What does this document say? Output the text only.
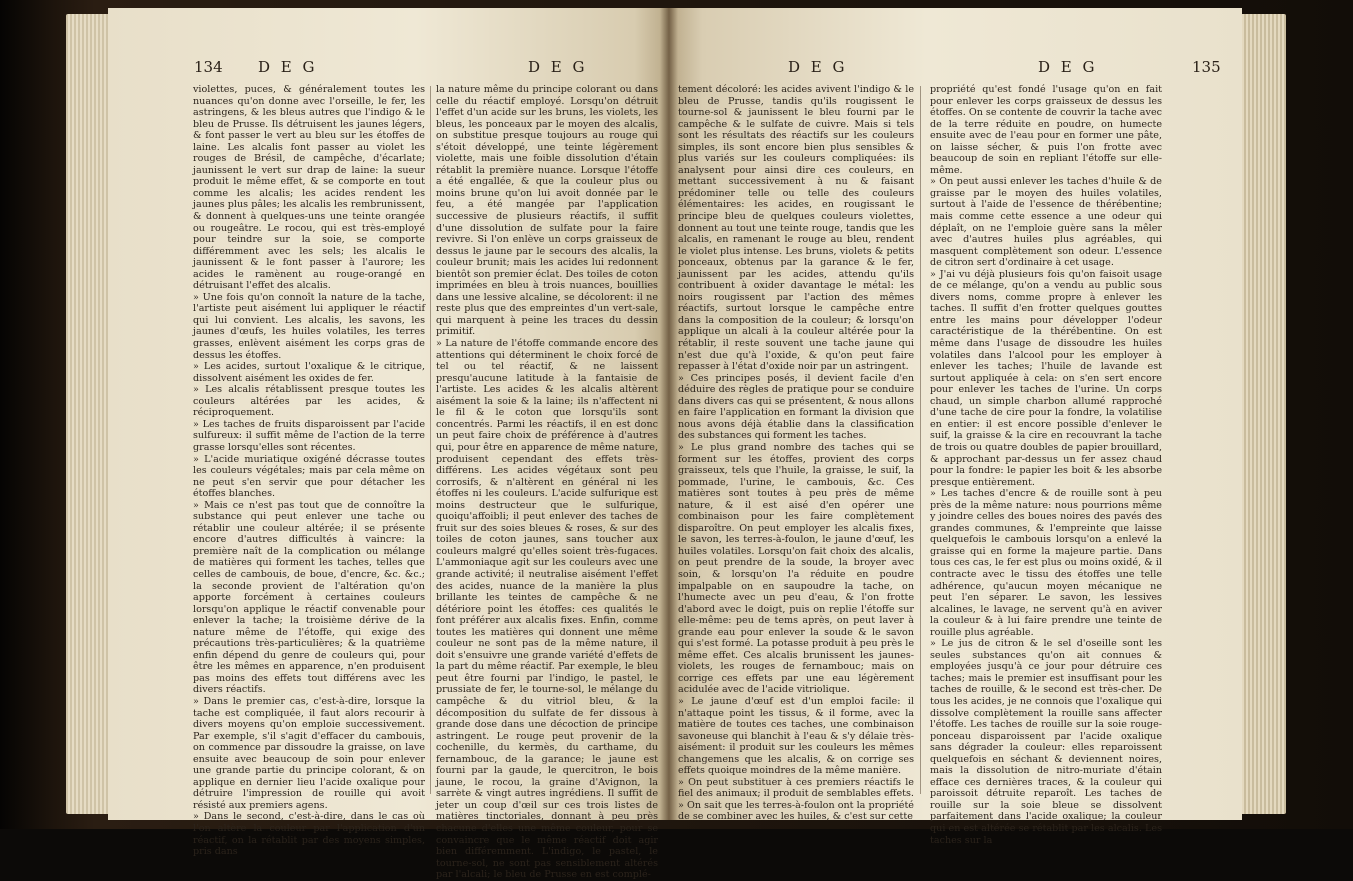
134 D E G	D E G

violettes, puces, & généralement toutes les nuances qu'on donne avec l'orseille, le fer, les astringens, & les bleus autres que l'indigo & le bleu de Prusse. Ils détruisent les jaunes légers, & font passer le vert au bleu sur les étoffes de laine. Les alcalis font passer au violet les rouges de Brésil, de campêche, d'écarlate; jaunissent le vert sur drap de laine: la sueur produit le même effet, & se comporte en tout comme les alcalis; les acides rendent les jaunes plus pâles; les alcalis les rembrunissent, & donnent à quelques-uns une teinte orangée ou rougeâtre. Le rocou, qui est très-employé pour teindre sur la soie, se comporte différemment avec les sels; les alcalis le jaunissent & le font passer à l'aurore; les acides le ramènent au rouge-orangé en détruisant l'effet des alcalis.

» Une fois qu'on connoît la nature de la tache, l'artiste peut aisément lui appliquer le réactif qui lui convient. Les alcalis, les savons, les jaunes d'œufs, les huiles volatiles, les terres grasses, enlèvent aisément les corps gras de dessus les étoffes.

» Les acides, surtout l'oxalique & le citrique, dissolvent aisément les oxides de fer.

» Les alcalis rétablissent presque toutes les couleurs altérées par les acides, & réciproquement.

» Les taches de fruits disparoissent par l'acide sulfureux: il suffit même de l'action de la terre grasse lorsqu'elles sont récentes.

» L'acide muriatique oxigéné décrasse toutes les couleurs végétales; mais par cela même on ne peut s'en servir que pour détacher les étoffes blanches.

» Mais ce n'est pas tout que de connoître la substance qui peut enlever une tache ou rétablir une couleur altérée; il se présente encore d'autres difficultés à vaincre: la première naît de la complication ou mélange de matières qui forment les taches, telles que celles de cambouis, de boue, d'encre, &c. &c.; la seconde provient de l'altération qu'on apporte forcément à certaines couleurs lorsqu'on applique le réactif convenable pour enlever la tache; la troisième dérive de la nature même de l'étoffe, qui exige des précautions très-particulières; & la quatrième enfin dépend du genre de couleurs qui, pour être les mêmes en apparence, n'en produisent pas moins des effets tout différens avec les divers réactifs.

» Dans le premier cas, c'est-à-dire, lorsque la tache est compliquée, il faut alors recourir à divers moyens qu'on emploie successivement. Par exemple, s'il s'agit d'effacer du cambouis, on commence par dissoudre la graisse, on lave ensuite avec beaucoup de soin pour enlever une grande partie du principe colorant, & on applique en dernier lieu l'acide oxalique pour détruire l'impression de rouille qui avoit résisté aux premiers agens.

» Dans le second, c'est-à-dire, dans le cas où l'on altère la couleur par l'application d'un réactif, on la rétablit par des moyens simples, pris dans

la nature même du principe colorant ou dans celle du réactif employé. Lorsqu'on détruit l'effet d'un acide sur les bruns, les violets, les bleus, les ponceaux par le moyen des alcalis, on substitue presque toujours au rouge qui s'étoit développé, une teinte légèrement violette, mais une foible dissolution d'étain rétablit la première nuance. Lorsque l'étoffe a été engallée, & que la couleur plus ou moins brune qu'on lui avoit donnée par le feu, a été mangée par l'application successive de plusieurs réactifs, il suffit d'une dissolution de sulfate pour la faire revivre. Si l'on enlève un corps graisseux de dessus le jaune par le secours des alcalis, la couleur brunit; mais les acides lui redonnent bientôt son premier éclat. Des toiles de coton imprimées en bleu à trois nuances, bouillies dans une lessive alcaline, se décolorent: il ne reste plus que des empreintes d'un vert-sale, qui marquent à peine les traces du dessin primitif.

» La nature de l'étoffe commande encore des attentions qui déterminent le choix forcé de tel ou tel réactif, & ne laissent presqu'aucune latitude à la fantaisie de l'artiste. Les acides & les alcalis altèrent aisément la soie & la laine; ils n'affectent ni le fil & le coton que lorsqu'ils sont concentrés. Parmi les réactifs, il en est donc un peut faire choix de préférence à d'autres qui, pour être en apparence de même nature, produisent cependant des effets très-différens. Les acides végétaux sont peu corrosifs, & n'altèrent en général ni les étoffes ni les couleurs. L'acide sulfurique est moins destructeur que le sulfurique, quoiqu'affoibli; il peut enlever des taches de fruit sur des soies bleues & roses, & sur des toiles de coton jaunes, sans toucher aux couleurs malgré qu'elles soient très-fugaces. L'ammoniaque agit sur les couleurs avec une grande activité; il neutralise aisément l'effet des acides, nuance de la manière la plus brillante les teintes de campêche & ne détériore point les étoffes: ces qualités le font préférer aux alcalis fixes. Enfin, comme toutes les matières qui donnent une même couleur ne sont pas de la même nature, il doit s'ensuivre une grande variété d'effets de la part du même réactif. Par exemple, le bleu peut être fourni par l'indigo, le pastel, le prussiate de fer, le tourne-sol, le mélange du campêche & du vitriol bleu, & la décomposition du sulfate de fer dissous à grande dose dans une décoction de principe astringent. Le rouge peut provenir de la cochenille, du kermès, du carthame, du fernambouc, de la garance; le jaune est fourni par la gaude, le quercitron, le bois jaune, le rocou, la graine d'Avignon, la sarrète & vingt autres ingrédiens. Il suffit de jeter un coup d'œil sur ces trois listes de matières tinctoriales, donnant à peu près chacune d'elles une même couleur, pour se convaincre que le même réactif doit agir bien différemment. L'indigo, le pastel, le tourne-sol, ne sont pas sensiblement altérés par l'alcali; le bleu de Prusse en est complé-

D E G	D E G	135

tement décoloré: les acides avivent l'indigo & le bleu de Prusse, tandis qu'ils rougissent le tourne-sol & jaunissent le bleu fourni par le campêche & le sulfate de cuivre. Mais si tels sont les résultats des réactifs sur les couleurs simples, ils sont encore bien plus sensibles & plus variés sur les couleurs compliquées: ils analysent pour ainsi dire ces couleurs, en mettant successivement à nu & faisant prédominer telle ou telle des couleurs élémentaires: les acides, en rougissant le principe bleu de quelques couleurs violettes, donnent au tout une teinte rouge, tandis que les alcalis, en ramenant le rouge au bleu, rendent le violet plus intense. Les bruns, violets & petits ponceaux, obtenus par la garance & le fer, jaunissent par les acides, attendu qu'ils contribuent à oxider davantage le métal: les noirs rougissent par l'action des mêmes réactifs, surtout lorsque le campêche entre dans la composition de la couleur; & lorsqu'on applique un alcali à la couleur altérée pour la rétablir, il reste souvent une tache jaune qui n'est due qu'à l'oxide, & qu'on peut faire repasser à l'état d'oxide noir par un astringent.

» Ces principes posés, il devient facile d'en déduire des règles de pratique pour se conduire dans divers cas qui se présentent, & nous allons en faire l'application en formant la division que nous avons déjà établie dans la classification des substances qui forment les taches.

» Le plus grand nombre des taches qui se forment sur les étoffes, provient des corps graisseux, tels que l'huile, la graisse, le suif, la pommade, l'urine, le cambouis, &c. Ces matières sont toutes à peu près de même nature, & il est aisé d'en opérer une combinaison pour les faire complètement disparoître. On peut employer les alcalis fixes, le savon, les terres-à-foulon, le jaune d'œuf, les huiles volatiles. Lorsqu'on fait choix des alcalis, on peut prendre de la soude, la broyer avec soin, & lorsqu'on l'a réduite en poudre impalpable on en saupoudre la tache, on l'humecte avec un peu d'eau, & l'on frotte d'abord avec le doigt, puis on replie l'étoffe sur elle-même: peu de tems après, on peut laver à grande eau pour enlever la soude & le savon qui s'est formé. La potasse produit à peu près le même effet. Ces alcalis brunissent les jaunes-violets, les rouges de fernambouc; mais on corrige ces effets par une eau légèrement acidulée avec de l'acide vitriolique.

» Le jaune d'œuf est d'un emploi facile: il n'attaque point les tissus, & il forme, avec la matière de toutes ces taches, une combinaison savoneuse qui blanchit à l'eau & s'y délaie très-aisément: il produit sur les couleurs les mêmes changemens que les alcalis, & on corrige ses effets quoique moindres de la même manière.

» On peut substituer à ces premiers réactifs le fiel des animaux; il produit de semblables effets.

» On sait que les terres-à-foulon ont la propriété de se combiner avec les huiles, & c'est sur cette

propriété qu'est fondé l'usage qu'on en fait pour enlever les corps graisseux de dessus les étoffes. On se contente de couvrir la tache avec de la terre réduite en poudre, on humecte ensuite avec de l'eau pour en former une pâte, on laisse sécher, & puis l'on frotte avec beaucoup de soin en repliant l'étoffe sur elle-même.

» On peut aussi enlever les taches d'huile & de graisse par le moyen des huiles volatiles, surtout à l'aide de l'essence de thérébentine; mais comme cette essence a une odeur qui déplaît, on ne l'emploie guère sans la mêler avec d'autres huiles plus agréables, qui masquent complètement son odeur. L'essence de citron sert d'ordinaire à cet usage.

» J'ai vu déjà plusieurs fois qu'on faisoit usage de ce mélange, qu'on a vendu au public sous divers noms, comme propre à enlever les taches. Il suffit d'en frotter quelques gouttes entre les mains pour développer l'odeur caractéristique de la thérébentine. On est même dans l'usage de dissoudre les huiles volatiles dans l'alcool pour les employer à enlever les taches; l'huile de lavande est surtout appliquée à cela: on s'en sert encore pour enlever les taches de l'urine. Un corps chaud, un simple charbon allumé rapproché d'une tache de cire pour la fondre, la volatilise en entier: il est encore possible d'enlever le suif, la graisse & la cire en recouvrant la tache de trois ou quatre doubles de papier brouillard, & approchant par-dessus un fer assez chaud pour la fondre: le papier les boit & les absorbe presque entièrement.

» Les taches d'encre & de rouille sont à peu près de la même nature: nous pourrions même y joindre celles des boues noires des pavés des grandes communes, & l'empreinte que laisse quelquefois le cambouis lorsqu'on a enlevé la graisse qui en forme la majeure partie. Dans tous ces cas, le fer est plus ou moins oxidé, & il contracte avec le tissu des étoffes une telle adhérence, qu'aucun moyen mécanique ne peut l'en séparer. Le savon, les lessives alcalines, le lavage, ne servent qu'à en aviver la couleur & à lui faire prendre une teinte de rouille plus agréable.

» Le jus de citron & le sel d'oseille sont les seules substances qu'on ait connues & employées jusqu'à ce jour pour détruire ces taches; mais le premier est insuffisant pour les taches de rouille, & le second est très-cher. De tous les acides, je ne connois que l'oxalique qui dissolve complètement la rouille sans affecter l'étoffe. Les taches de rouille sur la soie rouge-ponceau disparoissent par l'acide oxalique sans dégrader la couleur: elles reparoissent quelquefois en séchant & deviennent noires, mais la dissolution de nitro-muriate d'étain efface ces dernières traces, & la couleur qui paroissoit détruite reparoît. Les taches de rouille sur la soie bleue se dissolvent parfaitement dans l'acide oxalique; la couleur qui en est altérée se rétablit par les alcalis. Les taches sur la
